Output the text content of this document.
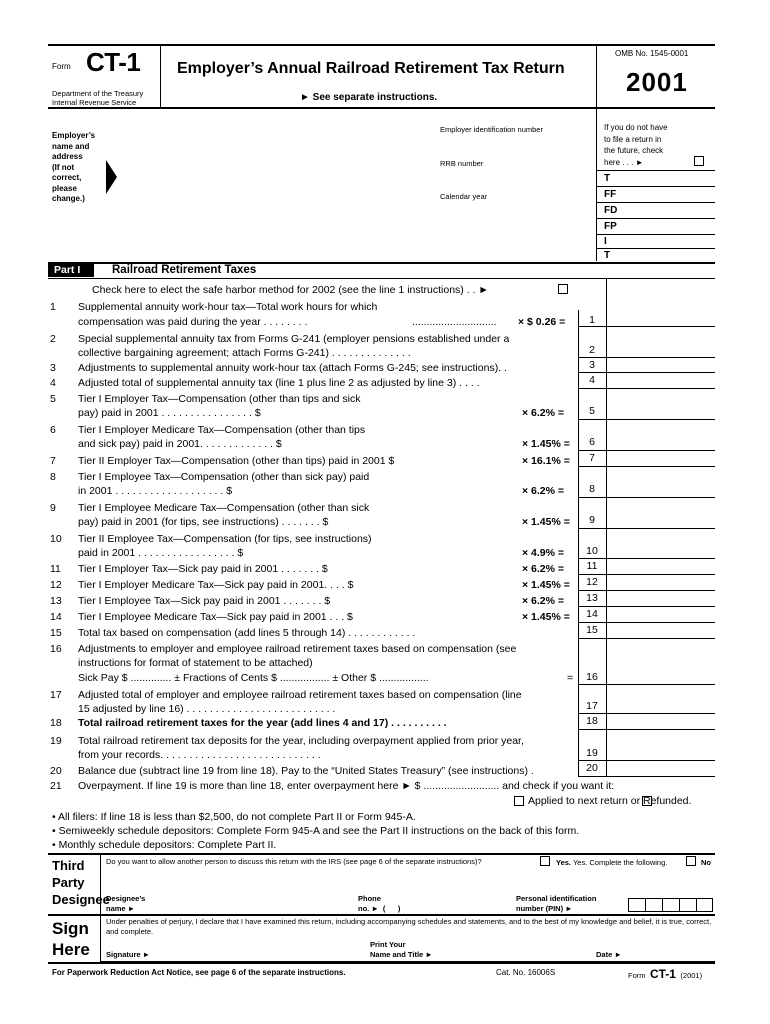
Form CT-1
Department of the Treasury
Internal Revenue Service
Employer’s Annual Railroad Retirement Tax Return
► See separate instructions.
OMB No. 1545-0001
2001
Employer’s
name and
address
(If not
correct,
please
change.)
Employer identification number
RRB number
Calendar year
If you do not have
to file a return in
the future, check
here . . . ►
T
FF
FD
FP
I
T
Part I	Railroad Retirement Taxes
Check here to elect the safe harbor method for 2002 (see the line 1 instructions) . . ►
1	Supplemental annuity work-hour tax—Total work hours for which
compensation was paid during the year . . . . . . . .	............................. × $ 0.26 =	1
2	Special supplemental annuity tax from Forms G-241 (employer pensions established under a
collective bargaining agreement; attach Forms G-241) . . . . . . . . . . . . . .	2
3	Adjustments to supplemental annuity work-hour tax (attach Forms G-245; see instructions). .	3
4	Adjusted total of supplemental annuity tax (line 1 plus line 2 as adjusted by line 3) . . . .	4
5	Tier I Employer Tax—Compensation (other than tips and sick
pay) paid in 2001 . . . . . . . . . . . . . . . . $	× 6.2% =	5
6	Tier I Employer Medicare Tax—Compensation (other than tips
and sick pay) paid in 2001. . . . . . . . . . . . . $	× 1.45% =	6
7	Tier II Employer Tax—Compensation (other than tips) paid in 2001 $	× 16.1% =	7
8	Tier I Employee Tax—Compensation (other than sick pay) paid
in 2001 . . . . . . . . . . . . . . . . . . . $	× 6.2% =	8
9	Tier I Employee Medicare Tax—Compensation (other than sick
pay) paid in 2001 (for tips, see instructions) . . . . . . . $	× 1.45% =	9
10	Tier II Employee Tax—Compensation (for tips, see instructions)
paid in 2001 . . . . . . . . . . . . . . . . . $	× 4.9% =	10
11	Tier I Employer Tax—Sick pay paid in 2001 . . . . . . . $	× 6.2% =	11
12	Tier I Employer Medicare Tax—Sick pay paid in 2001. . . . $	× 1.45% =	12
13	Tier I Employee Tax—Sick pay paid in 2001 . . . . . . . $	× 6.2% =	13
14	Tier I Employee Medicare Tax—Sick pay paid in 2001 . . . $	× 1.45% =	14
15	Total tax based on compensation (add lines 5 through 14) . . . . . . . . . . . .	15
16	Adjustments to employer and employee railroad retirement taxes based on compensation (see
instructions for format of statement to be attached)
Sick Pay $ .............. ± Fractions of Cents $ ................. ± Other $ .................	=	16
17	Adjusted total of employer and employee railroad retirement taxes based on compensation (line
15 adjusted by line 16) . . . . . . . . . . . . . . . . . . . . . . . . . .	17
18	Total railroad retirement taxes for the year (add lines 4 and 17) . . . . . . . . . .	18
19	Total railroad retirement tax deposits for the year, including overpayment applied from prior year,
from your records. . . . . . . . . . . . . . . . . . . . . . . . . . . .	19
20	Balance due (subtract line 19 from line 18). Pay to the “United States Treasury” (see instructions) .	20
21	Overpayment. If line 19 is more than line 18, enter overpayment here ► $ .......................... and check if you want it:
Applied to next return or Refunded.
• All filers: If line 18 is less than $2,500, do not complete Part II or Form 945-A.
• Semiweekly schedule depositors: Complete Form 945-A and see the Part II instructions on the back of this form.
• Monthly schedule depositors: Complete Part II.
Third
Party
Designee
Do you want to allow another person to discuss this return with the IRS (see page 6 of the separate instructions)?	Yes. Yes. Complete the following.	No
Designee’s
name ►
Phone
no. ►  (      )
Personal identification
number (PIN) ►
Sign
Here
Under penalties of perjury, I declare that I have examined this return, including accompanying schedules and statements, and to the best of my knowledge and belief, it is true, correct, and complete.
Signature ►
Print Your
Name and Title ►	Date ►
For Paperwork Reduction Act Notice, see page 6 of the separate instructions.	Cat. No. 16006S	Form CT-1 (2001)
